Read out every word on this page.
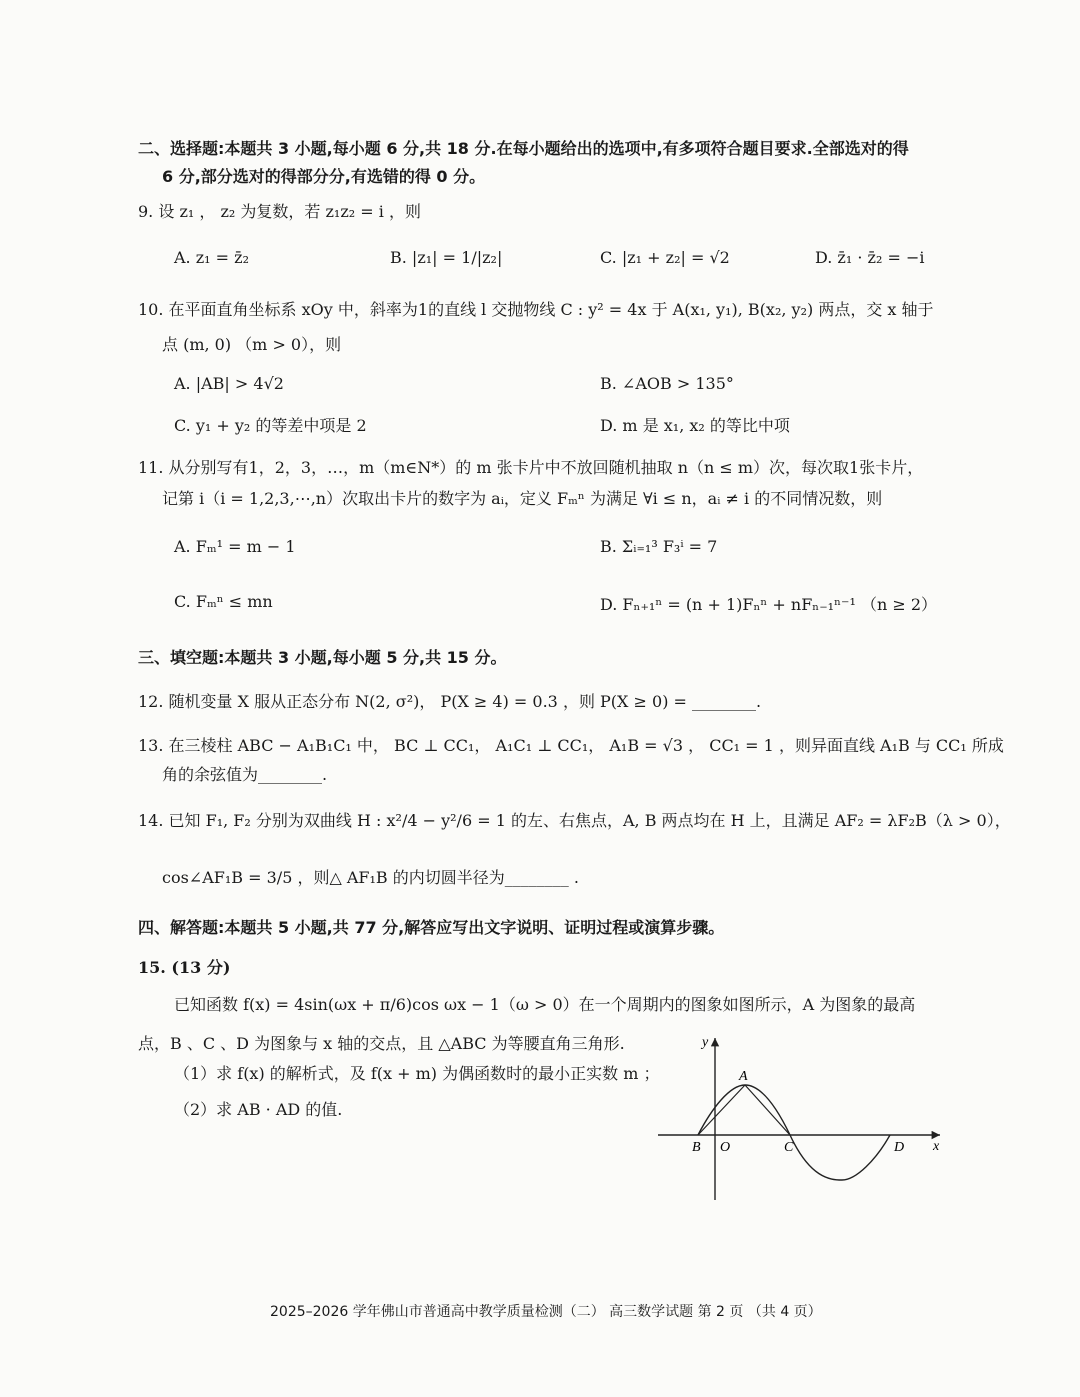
二、选择题:本题共 3 小题,每小题 6 分,共 18 分.在每小题给出的选项中,有多项符合题目要求.全部选对的得
6 分,部分选对的得部分分,有选错的得 0 分。
9. 设 z₁ ， z₂ 为复数，若 z₁z₂ = i ，则
A. z₁ = z̄₂	B. |z₁| = 1/|z₂|	C. |z₁ + z₂| = √2	D. z̄₁ · z̄₂ = −i
10. 在平面直角坐标系 xOy 中，斜率为1的直线 l 交抛物线 C : y² = 4x 于 A(x₁, y₁), B(x₂, y₂) 两点，交 x 轴于
点 (m, 0) （m > 0），则
A. |AB| > 4√2	B. ∠AOB > 135°
C. y₁ + y₂ 的等差中项是 2	D. m 是 x₁, x₂ 的等比中项
11. 从分别写有1，2，3，…，m（m∈N*）的 m 张卡片中不放回随机抽取 n（n ≤ m）次，每次取1张卡片，
记第 i（i = 1,2,3,⋯,n）次取出卡片的数字为 aᵢ，定义 Fₘⁿ 为满足 ∀i ≤ n，aᵢ ≠ i 的不同情况数，则
A. Fₘ¹ = m − 1	B. Σᵢ₌₁³ F₃ⁱ = 7
C. Fₘⁿ ≤ mn	D. Fₙ₊₁ⁿ = (n + 1)Fₙⁿ + nFₙ₋₁ⁿ⁻¹ （n ≥ 2）
三、填空题:本题共 3 小题,每小题 5 分,共 15 分。
12. 随机变量 X 服从正态分布 N(2, σ²)， P(X ≥ 4) = 0.3 ，则 P(X ≥ 0) = ________.
13. 在三棱柱 ABC − A₁B₁C₁ 中， BC ⊥ CC₁， A₁C₁ ⊥ CC₁， A₁B = √3 ， CC₁ = 1 ，则异面直线 A₁B 与 CC₁ 所成
角的余弦值为________.
14. 已知 F₁, F₂ 分别为双曲线 H : x²/4 − y²/6 = 1 的左、右焦点，A, B 两点均在 H 上，且满足 AF₂ = λF₂B（λ > 0），
cos∠AF₁B = 3/5 ，则△ AF₁B 的内切圆半径为________ .
四、解答题:本题共 5 小题,共 77 分,解答应写出文字说明、证明过程或演算步骤。
15. (13 分)
已知函数 f(x) = 4sin(ωx + π/6)cos ωx − 1（ω > 0）在一个周期内的图象如图所示，A 为图象的最高
点，B 、C 、D 为图象与 x 轴的交点，且 △ABC 为等腰直角三角形.
（1）求 f(x) 的解析式，及 f(x + m) 为偶函数时的最小正实数 m ；
（2）求 AB · AD 的值.
y
x
A
B O	C	D
2025–2026 学年佛山市普通高中教学质量检测（二） 高三数学试题 第 2 页 （共 4 页）
